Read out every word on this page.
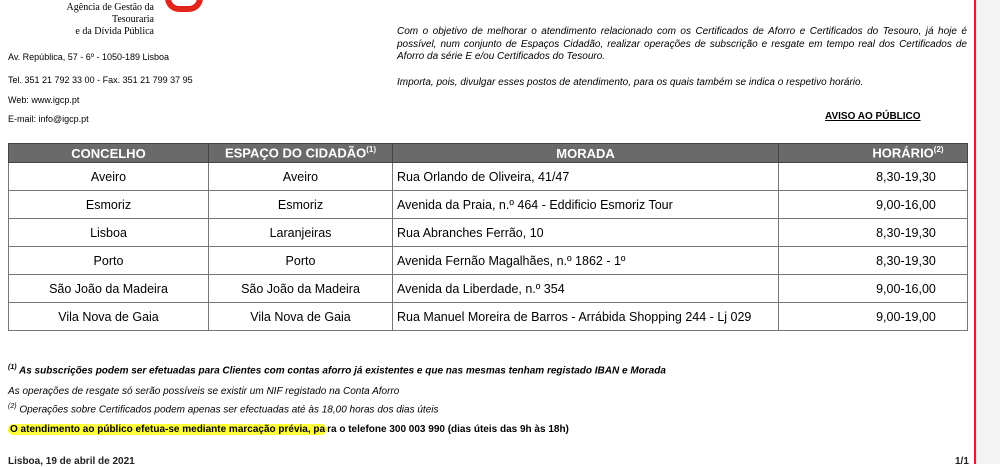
Agência de Gestão da Tesouraria
e da Dívida Pública
Av. República, 57 - 6º - 1050-189 Lisboa
Tel. 351 21 792 33 00 - Fax. 351 21 799 37 95
Web: www.igcp.pt
E-mail: info@igcp.pt
Com o objetivo de melhorar o atendimento relacionado com os Certificados de Aforro e Certificados do Tesouro, já hoje é possível, num conjunto de Espaços Cidadão, realizar operações de subscrição e resgate em tempo real dos Certificados de Aforro da série E e/ou Certificados do Tesouro.
Importa, pois, divulgar esses postos de atendimento, para os quais também se indica o respetivo horário.
AVISO AO PÚBLICO
CONCELHO	ESPAÇO DO CIDADÃO$^{(1)}$	MORADA	HORÁRIO$^{(2)}$
Aveiro	Aveiro	Rua Orlando de Oliveira, 41/47	8,30-19,30
Esmoriz	Esmoriz	Avenida da Praia, n.º 464 - Eddificio Esmoriz Tour	9,00-16,00
Lisboa	Laranjeiras	Rua Abranches Ferrão, 10	8,30-19,30
Porto	Porto	Avenida Fernão Magalhães, n.º 1862 - 1º	8,30-19,30
São João da Madeira	São João da Madeira	Avenida da Liberdade, n.º 354	9,00-16,00
Vila Nova de Gaia	Vila Nova de Gaia	Rua Manuel Moreira de Barros - Arrábida Shopping 244 - Lj 029	9,00-19,00
$^{(1)}$ As subscrições podem ser efetuadas para Clientes com contas aforro já existentes e que nas mesmas tenham registado IBAN e Morada
As operações de resgate só serão possíveis se existir um NIF registado na Conta Aforro
$^{(2)}$ Operações sobre Certificados podem apenas ser efectuadas até às 18,00 horas dos dias úteis
O atendimento ao público efetua-se mediante marcação prévia, pa ra o telefone 300 003 990 (dias úteis das 9h às 18h)
Lisboa, 19 de abril de 2021	1/1
